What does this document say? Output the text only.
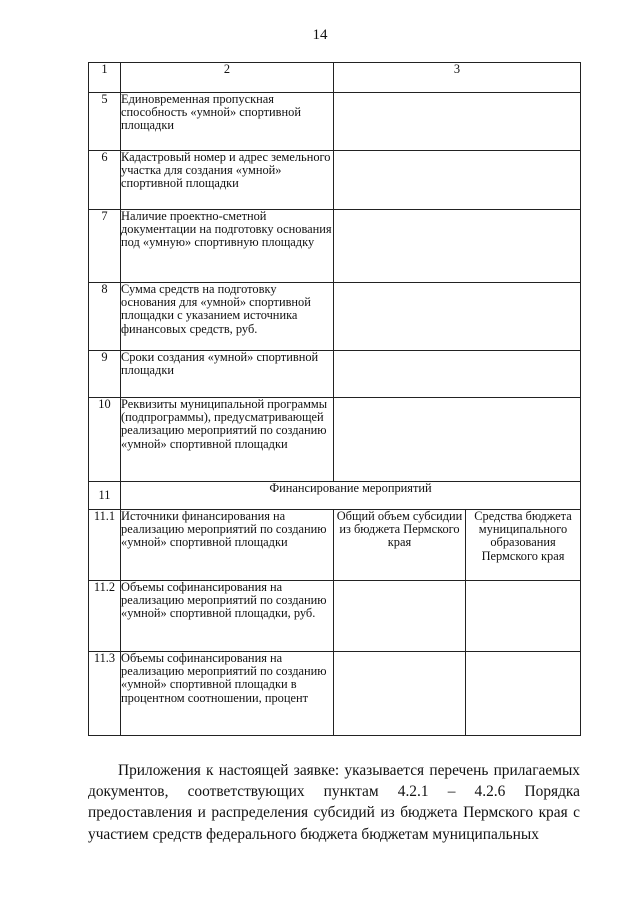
14
1	2	3	
5	Единовременная пропускная способность «умной» спортивной площадки		
6	Кадастровый номер и адрес земельного участка для создания «умной» спортивной площадки		
7	Наличие проектно-сметной документации на подготовку основания под «умную» спортивную площадку		
8	Сумма средств на подготовку основания для «умной» спортивной площадки с указанием источника финансовых средств, руб.		
9	Сроки создания «умной» спортивной площадки		
10	Реквизиты муниципальной программы (подпрограммы), предусматривающей реализацию мероприятий по созданию «умной» спортивной площадки		
11	Финансирование мероприятий		
11.1	Источники финансирования на реализацию мероприятий по созданию «умной» спортивной площадки	Общий объем субсидии из бюджета Пермского края	Средства бюджета муниципального образования Пермского края
11.2	Объемы софинансирования на реализацию мероприятий по созданию «умной» спортивной площадки, руб.		
11.3	Объемы софинансирования на реализацию мероприятий по созданию «умной» спортивной площадки в процентном соотношении, процент		

Приложения к настоящей заявке: указывается перечень прилагаемых документов, соответствующих пунктам 4.2.1 – 4.2.6 Порядка предоставления и распределения субсидий из бюджета Пермского края с участием средств федерального бюджета бюджетам муниципальных
